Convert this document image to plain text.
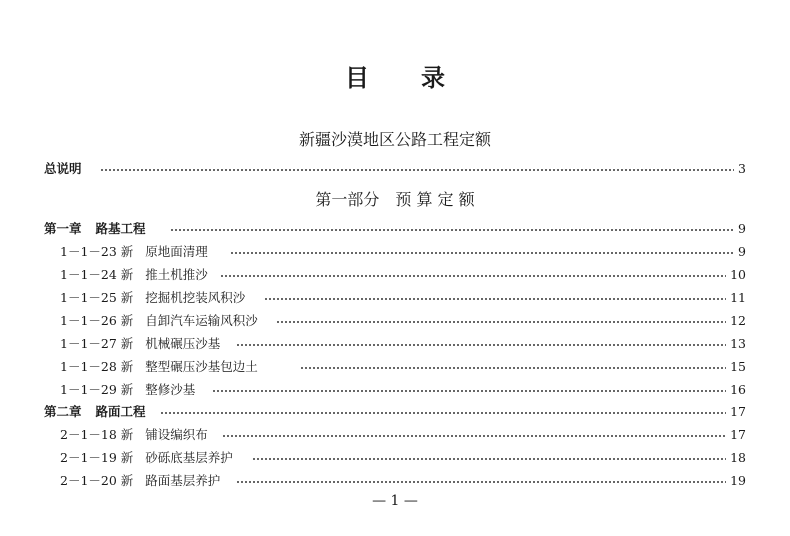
目 录
新疆沙漠地区公路工程定额
总说明	3
第一部分 预 算 定 额
第一章 路基工程	9
1－1－23 新 原地面清理	9
1－1－24 新 推土机推沙	10
1－1－25 新 挖掘机挖装风积沙	11
1－1－26 新 自卸汽车运输风积沙	12
1－1－27 新 机械碾压沙基	13
1－1－28 新 整型碾压沙基包边土	15
1－1－29 新 整修沙基	16
第二章 路面工程	17
2－1－18 新 铺设编织布	17
2－1－19 新 砂砾底基层养护	18
2－1－20 新 路面基层养护	19
— 1 —
